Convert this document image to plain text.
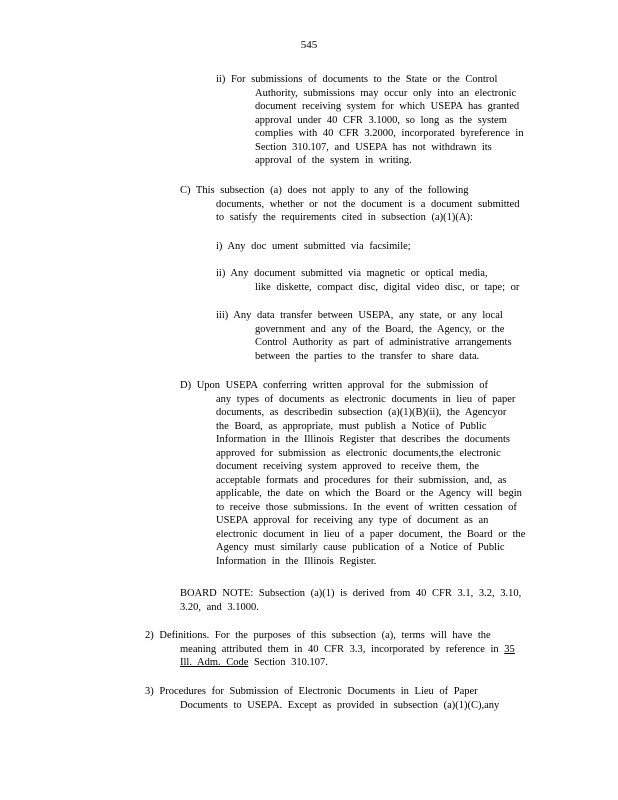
545
ii) For submissions of documents to the State or the Control
Authority, submissions may occur only into an electronic
document receiving system for which USEPA has granted
approval under 40 CFR 3.1000, so long as the system
complies with 40 CFR 3.2000, incorporated byreference in
Section 310.107, and USEPA has not withdrawn its
approval of the system in writing.
C) This subsection (a) does not apply to any of the following
documents, whether or not the document is a document submitted
to satisfy the requirements cited in subsection (a)(1)(A):
i) Any doc ument submitted via facsimile;
ii) Any document submitted via magnetic or optical media,
like diskette, compact disc, digital video disc, or tape; or
iii) Any data transfer between USEPA, any state, or any local
government and any of the Board, the Agency, or the
Control Authority as part of administrative arrangements
between the parties to the transfer to share data.
D) Upon USEPA conferring written approval for the submission of
any types of documents as electronic documents in lieu of paper
documents, as describedin subsection (a)(1)(B)(ii), the Agencyor
the Board, as appropriate, must publish a Notice of Public
Information in the Illinois Register that describes the documents
approved for submission as electronic documents,the electronic
document receiving system approved to receive them, the
acceptable formats and procedures for their submission, and, as
applicable, the date on which the Board or the Agency will begin
to receive those submissions. In the event of written cessation of
USEPA approval for receiving any type of document as an
electronic document in lieu of a paper document, the Board or the
Agency must similarly cause publication of a Notice of Public
Information in the Illinois Register.
BOARD NOTE: Subsection (a)(1) is derived from 40 CFR 3.1, 3.2, 3.10,
3.20, and 3.1000.
2) Definitions. For the purposes of this subsection (a), terms will have the
meaning attributed them in 40 CFR 3.3, incorporated by reference in 35
Ill. Adm. Code Section 310.107.
3) Procedures for Submission of Electronic Documents in Lieu of Paper
Documents to USEPA. Except as provided in subsection (a)(1)(C),any
